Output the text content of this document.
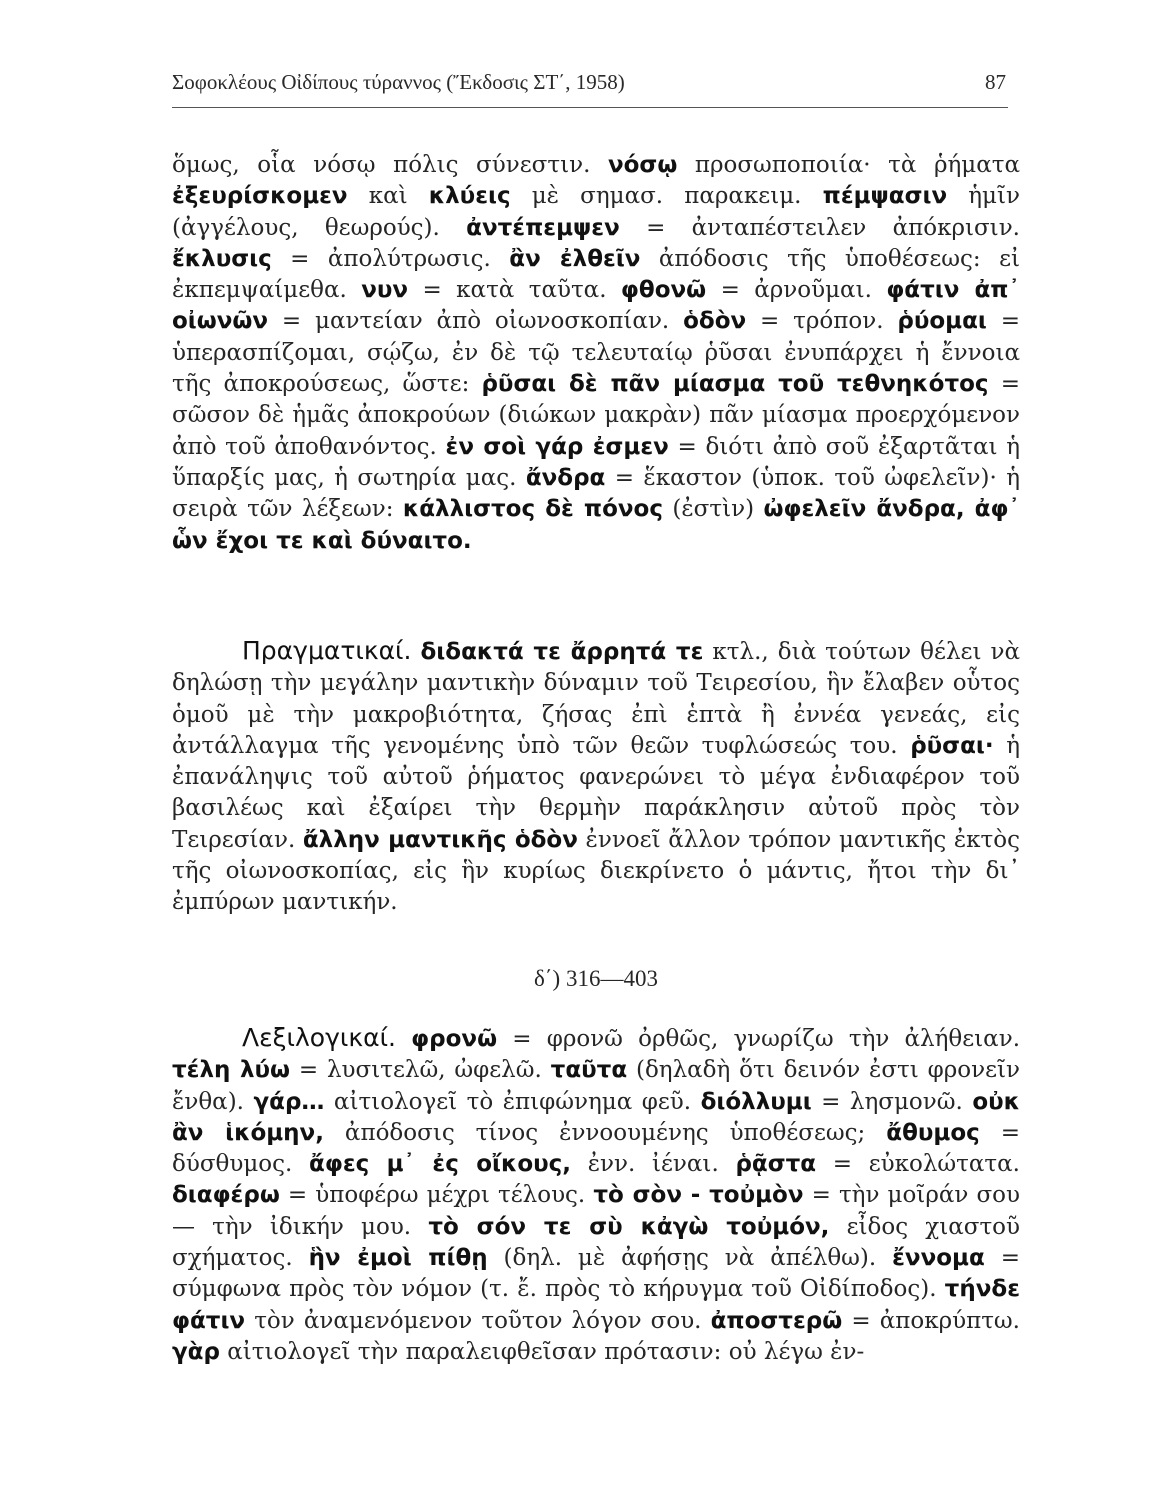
Σοφοκλέους Οἰδίπους τύραννος (Ἔκδοσις ΣΤ΄, 1958)	87

ὅμως, οἷα νόσῳ πόλις σύνεστιν. νόσῳ προσωποποιία· τὰ ῥήματα ἐξευρίσκομεν καὶ κλύεις μὲ σημασ. παρακειμ. πέμψασιν ἡμῖν (ἀγγέλους, θεωρούς). ἀντέπεμψεν = ἀνταπέστειλεν ἀπόκρισιν. ἔκλυσις = ἀπολύτρωσις. ἂν ἐλθεῖν ἀπόδοσις τῆς ὑποθέσεως: εἰ ἐκπεμψαίμεθα. νυν = κατὰ ταῦτα. φθονῶ = ἀρνοῦμαι. φάτιν ἀπ᾽ οἰωνῶν = μαντείαν ἀπὸ οἰωνοσκοπίαν. ὁδὸν = τρόπον. ῥύομαι = ὑπερασπίζομαι, σῴζω, ἐν δὲ τῷ τελευταίῳ ῥῦσαι ἐνυπάρχει ἡ ἔννοια τῆς ἀποκρούσεως, ὥστε: ῥῦσαι δὲ πᾶν μίασμα τοῦ τεθνηκότος = σῶσον δὲ ἡμᾶς ἀποκρούων (διώκων μακρὰν) πᾶν μίασμα προερχόμενον ἀπὸ τοῦ ἀποθανόντος. ἐν σοὶ γάρ ἐσμεν = διότι ἀπὸ σοῦ ἐξαρτᾶται ἡ ὕπαρξίς μας, ἡ σωτηρία μας. ἄνδρα = ἕκαστον (ὑποκ. τοῦ ὠφελεῖν)· ἡ σειρὰ τῶν λέξεων: κάλλιστος δὲ πόνος (ἐστὶν) ὠφελεῖν ἄνδρα, ἀφ᾽ ὧν ἔχοι τε καὶ δύναιτο.

Πραγματικαί. διδακτά τε ἄρρητά τε κτλ., διὰ τούτων θέλει νὰ δηλώσῃ τὴν μεγάλην μαντικὴν δύναμιν τοῦ Τειρεσίου, ἣν ἔλαβεν οὗτος ὁμοῦ μὲ τὴν μακροβιότητα, ζήσας ἐπὶ ἑπτὰ ἢ ἐννέα γενεάς, εἰς ἀντάλλαγμα τῆς γενομένης ὑπὸ τῶν θεῶν τυφλώσεώς του. ῥῦσαι· ἡ ἐπανάληψις τοῦ αὐτοῦ ῥήματος φανερώνει τὸ μέγα ἐνδιαφέρον τοῦ βασιλέως καὶ ἐξαίρει τὴν θερμὴν παράκλησιν αὐτοῦ πρὸς τὸν Τειρεσίαν. ἄλλην μαντικῆς ὁδὸν ἐννοεῖ ἄλλον τρόπον μαντικῆς ἐκτὸς τῆς οἰωνοσκοπίας, εἰς ἣν κυρίως διεκρίνετο ὁ μάντις, ἤτοι τὴν δι᾽ ἐμπύρων μαντικήν.

δ΄) 316—403

Λεξιλογικαί. φρονῶ = φρονῶ ὀρθῶς, γνωρίζω τὴν ἀλήθειαν. τέλη λύω = λυσιτελῶ, ὠφελῶ. ταῦτα (δηλαδὴ ὅτι δεινόν ἐστι φρονεῖν ἔνθα). γάρ… αἰτιολογεῖ τὸ ἐπιφώνημα φεῦ. διόλλυμι = λησμονῶ. οὐκ ἂν ἱκόμην, ἀπόδοσις τίνος ἐννοουμένης ὑποθέσεως; ἄθυμος = δύσθυμος. ἄφες μ᾽ ἐς οἴκους, ἐνν. ἰέναι. ῥᾷστα = εὐκολώτατα. διαφέρω = ὑποφέρω μέχρι τέλους. τὸ σὸν - τοὐμὸν = τὴν μοῖράν σου — τὴν ἰδικήν μου. τὸ σόν τε σὺ κἀγὼ τοὐμόν, εἶδος χιαστοῦ σχήματος. ἣν ἐμοὶ πίθῃ (δηλ. μὲ ἀφήσῃς νὰ ἀπέλθω). ἔννομα = σύμφωνα πρὸς τὸν νόμον (τ. ἔ. πρὸς τὸ κήρυγμα τοῦ Οἰδίποδος). τήνδε φάτιν τὸν ἀναμενόμενον τοῦτον λόγον σου. ἀποστερῶ = ἀποκρύπτω. γὰρ αἰτιολογεῖ τὴν παραλειφθεῖσαν πρότασιν: οὐ λέγω ἐν-
